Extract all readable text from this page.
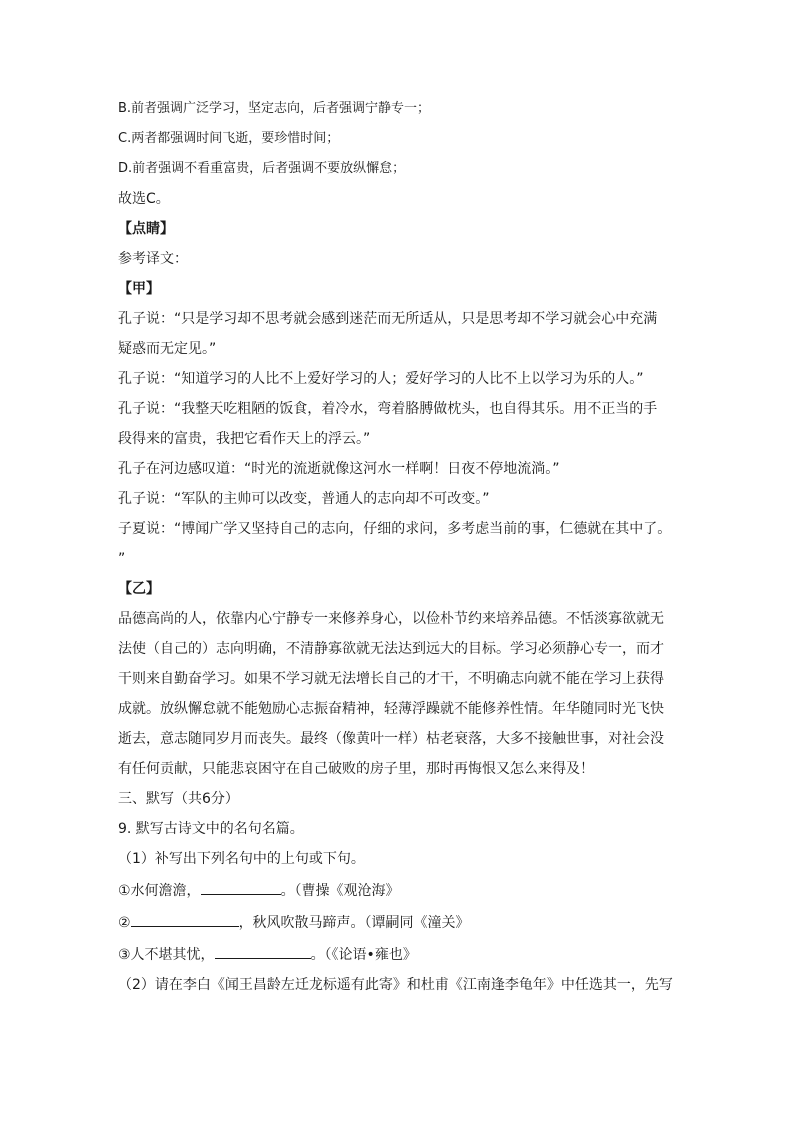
B.前者强调广泛学习，坚定志向，后者强调宁静专一；

C.两者都强调时间飞逝，要珍惜时间；

D.前者强调不看重富贵，后者强调不要放纵懈怠；

故选C。

【点睛】

参考译文：

【甲】

孔子说：“只是学习却不思考就会感到迷茫而无所适从，只是思考却不学习就会心中充满

疑惑而无定见。”

孔子说：“知道学习的人比不上爱好学习的人；爱好学习的人比不上以学习为乐的人。”

孔子说：“我整天吃粗陋的饭食，着冷水，弯着胳膊做枕头，也自得其乐。用不正当的手

段得来的富贵，我把它看作天上的浮云。”

孔子在河边感叹道：“时光的流逝就像这河水一样啊！日夜不停地流淌。”

孔子说：“军队的主帅可以改变，普通人的志向却不可改变。”

子夏说：“博闻广学又坚持自己的志向，仔细的求问，多考虑当前的事，仁德就在其中了。

”

【乙】

品德高尚的人，依靠内心宁静专一来修养身心，以俭朴节约来培养品德。不恬淡寡欲就无

法使（自己的）志向明确，不清静寡欲就无法达到远大的目标。学习必须静心专一，而才

干则来自勤奋学习。如果不学习就无法增长自己的才干，不明确志向就不能在学习上获得

成就。放纵懈怠就不能勉励心志振奋精神，轻薄浮躁就不能修养性情。年华随同时光飞快

逝去，意志随同岁月而丧失。最终（像黄叶一样）枯老衰落，大多不接触世事，对社会没

有任何贡献，只能悲哀困守在自己破败的房子里，那时再悔恨又怎么来得及！

三、默写（共6分）

9. 默写古诗文中的名句名篇。

（1）补写出下列名句中的上句或下句。

①水何澹澹，	。（曹操《观沧海》

②	，秋风吹散马蹄声。（谭嗣同《潼关》

③人不堪其忧，	。（《论语•雍也》

（2）请在李白《闻王昌龄左迁龙标遥有此寄》和杜甫《江南逢李龟年》中任选其一，先写
